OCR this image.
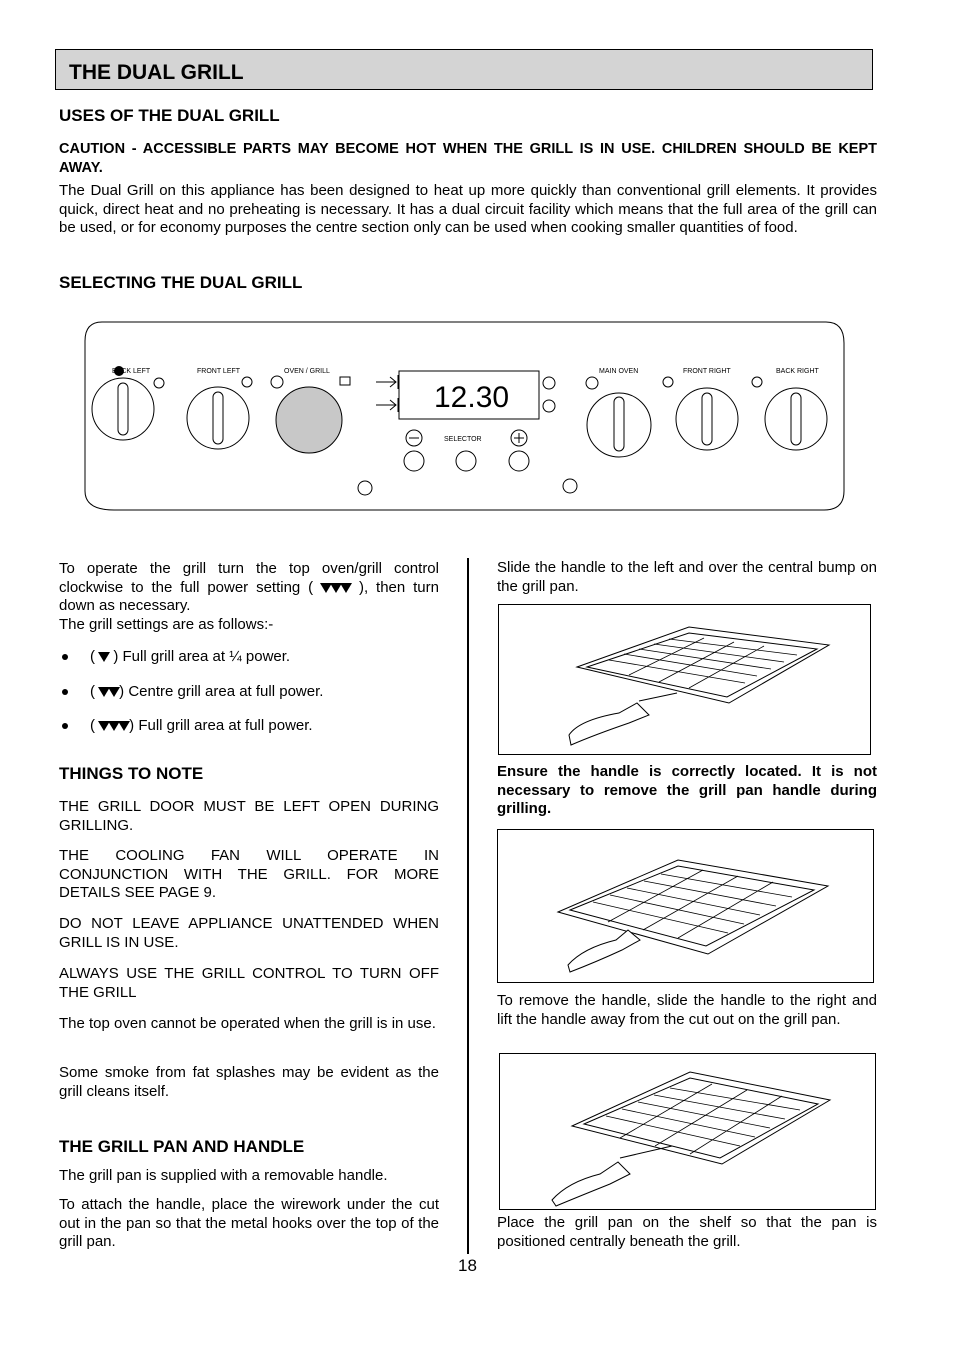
THE DUAL GRILL
USES OF THE DUAL GRILL
CAUTION - ACCESSIBLE PARTS MAY BECOME HOT WHEN THE GRILL IS IN USE. CHILDREN SHOULD BE KEPT AWAY.
The Dual Grill on this appliance has been designed to heat up more quickly than conventional grill elements. It provides quick, direct heat and no preheating is necessary. It has a dual circuit facility which means that the full area of the grill can be used, or for economy purposes the centre section only can be used when cooking smaller quantities of food.
SELECTING THE DUAL GRILL
BACK LEFT	FRONT LEFT	OVEN / GRILL
12.30
SELECTOR
MAIN OVEN	FRONT RIGHT	BACK RIGHT
To operate the grill turn the top oven/grill control clockwise to the full power setting (	), then turn down as necessary.
The grill settings are as follows:-
(

) Full grill area at ¼ power.
(
) Centre grill area at full power.
(
) Full grill area at full power.
THINGS TO NOTE
THE GRILL DOOR MUST BE LEFT OPEN DURING GRILLING.
THE COOLING FAN WILL OPERATE IN CONJUNCTION WITH THE GRILL. FOR MORE DETAILS SEE PAGE 9.
DO NOT LEAVE APPLIANCE UNATTENDED WHEN GRILL IS IN USE.
ALWAYS USE THE GRILL CONTROL TO TURN OFF THE GRILL
The top oven cannot be operated when the grill is in use.
Some smoke from fat splashes may be evident as the grill cleans itself.
THE GRILL PAN AND HANDLE
The grill pan is supplied with a removable handle.
To attach the handle, place the wirework under the cut out in the pan so that the metal hooks over the top of the grill pan.
Slide the handle to the left and over the central bump on the grill pan.
Ensure the handle is correctly located. It is not necessary to remove the grill pan handle during grilling.
To remove the handle, slide the handle to the right and lift the handle away from the cut out on the grill pan.
Place the grill pan on the shelf so that the pan is positioned centrally beneath the grill.
18
